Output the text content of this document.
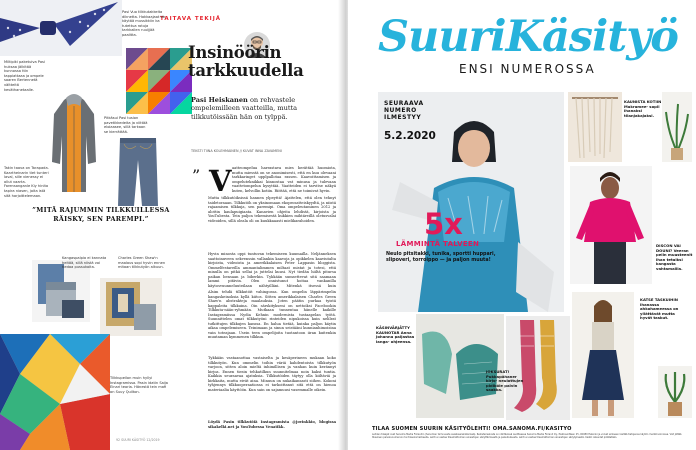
TAITAVA TEKIJÄ
Pasi Vuo tilkkutakkeita diknetta. Hakkaajaat tär käytää mussikkiin ka tutettua rotuja tarkkailen ruuijjää paalitta.
Miltipiki paketuiva Pasi huksaa jälkitää kunnossa ttin tappiattaaa ja ompele saaren Bertennetä vältteitä keväthanetaalle.
Pitkäsui Pasi tusion pavetikkedeita ja viittää eloiaasee, sillä tarkaan se kierrättää.
Takin taava on Tarapada. Kaartheinarin tiet tunteri laval, sille vienessy ei ollut vaarta. Farensanganle Kiy hinita tapira niasen, joita istä sitä harjoittelemaan.
Insinöörin
tarkkuudella
Pasi Heiskanen on rehvastele ompelemilleen vaatteilla, mutta tilkkutöissään hän on tylppä.
TEKSTI TIINA KOLEHMAINEN // KUVAT INNA ZAVAMENI
” V aatteompelua harrastava mies herättää huomiota, mutta miesstä on se anonimisesti, että en kuu olevaani tarkkaringet upplpallotaa rassen. Kaavoittamisen ja ompeluteknikkai kinnostaa vat minusa ja tulevaan vaattetompelun kysyttää. Vaatteiden ei tarvitse näkyä kuten, kelvollin kotiin. Riittää, että ne toimivat hyvin.
Mutta tilkkutöiksissä hannen ylpeyttä! Ajattelen, että olen tehnyt taidetoraaan. Tilkkutöh on yksinomaan ekoprosatteiskyydtä, ja niistä rajaamisen tilkkuja, sen paremipi. Oma ompeleutaminen 2012 ja alottin kaulapuigiaata. Kanavien ohjeita lehdistä, kirjoista ja YouTubesta. Tein paljon tekemisestä kukkien mihtäreillä oletusvalai videoiden, sillä oleala oli on kuukkaaasti mielikarahoiden.
Hyvin minosta oppi tuntuvan tekemiseen kuumailla. Neljänneksen saattoinuveen sekvenssin vallankin kaavoja ja opikkelen kaaviutalta kirjoista, videoista ja amerikkalaisen Peter Lappasin bloggista. Ommelfestareilla ammantalimmen miltaat mistat ja totesi, että minulla on pitkä sellai ja juttelai kuusi. Nyt tiedän hiiltä pitursa paikan bensaan ja biberkin. Tykkään sumsettevat sitä saamaan lammi pitävin. Olen onnistunut hoitaa vankanilla käytosvuunneluuteilaan nähtyilläni. Mitenkä itsessä kuin
”MITÄ RAJUMMIN TILKKUILLESSA RÄISKY, SEN PAREMPI.”
Alsim tehdä tilkkutöit vahingossa. Kun ompelin läppärimpelin kangaskeinoksia kyllä kiitos. Sitten amerikkalaisen Charles Green Shaw'n abstrakteja maalauksia. Joten päätin purkaa tyistä kappaleita tilkkuina. Oin särskitykseni on nettoiksi Facebookin Tilkkuta-nään-ryhmään. Mutkaan tunnentaa hänelle kaikille Instagramiissa Nydia Kehnin modernista tustaapelan työtä. Suunnittelen omat tilkkutyöni rinteiden nipukoissa kuin nelilrat tutkittujen tilkkujen kanssa. En halua tietää, kuinka paljon käytin aikaa ompelemiseen. Teinimaan ja sinun seistääni kunnianhimoisina vain toteajaan. Usein teen ompelijoita tuotantoon iiran kuitenkin muutaman kymmenen tilkkun.
Tykkään vastaanottaa vastaiselta ja kesäperineen mukaan koko tilkkutyön. Kun ommelin toihin väriä kahdentoista tilkkutyön varjoon, sitten aloin mieltä inhimillisen ja vanhan kuin kerännyt kirjoa. Ennen tiesin tehkatilkun suunnitelmaa noin kaksi tuntia. Kaikkia seuraavaa ajatuksia. Tilkkutöiden täytyy olla kiiltäviä ja kirkkaita, mutta eivät aina. Minuun on nukaikansasti siihen. Kokoni tyhjennys tilkkuoperaatiossa ei tarkoittanut sitä että on hienoa materiaalia käyttöön. Kun sain on sajamuusi vasemmalle oikein.
Löydä Pasin tilkkutöiä Instagramista @jovinkkio, blogissa sikakelki.net ja YouTubessa Venatikk.
Kangaspalpia ei kannata heitää, sillä niistä voi tiedaa pussukoita.
Charles Green Shaw'n maalaus sopi hyvin ennen mitaan tilkkutyön alkuun.
Tilkkupeilon muin hyllyi Instagramissa. Pasin idatin Saija Einari teoria. Hänestä tein mafi on Suuy Quilton.
92 SUURI KÄSITYÖ 12/2019
SuuriKäsityö
ENSI NUMEROSSA
SEURAAVA NUMERO ILMESTYY
5.2.2020
5x
LÄMMINTÄ TALVEEN
Neulo pitsitakki, tunika, sportti huppari, slipoveri, torroippo — ja paljon muuta!
KAUNISTA KOTIIN Makramee- sopii ihanaksi tilanjakajaksi.
DISCON VAI DOUNI? Veeran pelin muusteenit ihan tetaiksi kangasta vahtamailla.
KÄSINVÄRJÄTTY KAUNOTAR Anna Johanna paljastaa langa- ohjeensa.
JOKSURAT! Pukkapähaner kirjo- neulottujen pidiköle palvin saakka.
KATSE TASKUIHIN Ihanassa ahkohameessa on yllättävät mutta hyvät taskut.
TILAA SUOMEN SUURIN KÄSITYÖLEHTI! OMA.SANOMA.FI/KASITYO
Lehden tilaajat ovat Sanoma Media Finlandin (Sanoman tamnuvete asiakassrekisterissä). Rekisteriseloste on nähtävissä osoitteessa Sanoma Media Finland Oy, Postiosoitteen 25, 00089 Helsinki ja voivat erikseen kieltää tietojensa käytön markkinoinnissa. Voit jättää tilauksen palvelunumeroon tai tilauslomakkeella. Lehti ei vastaa tilaamattomien aineistojen säilyttämisestä ja palautuksesta. Lehti ei vastaa tilaamattomien aineistojen säilytyksestä. Kaikki oikeudet pidätetään.
